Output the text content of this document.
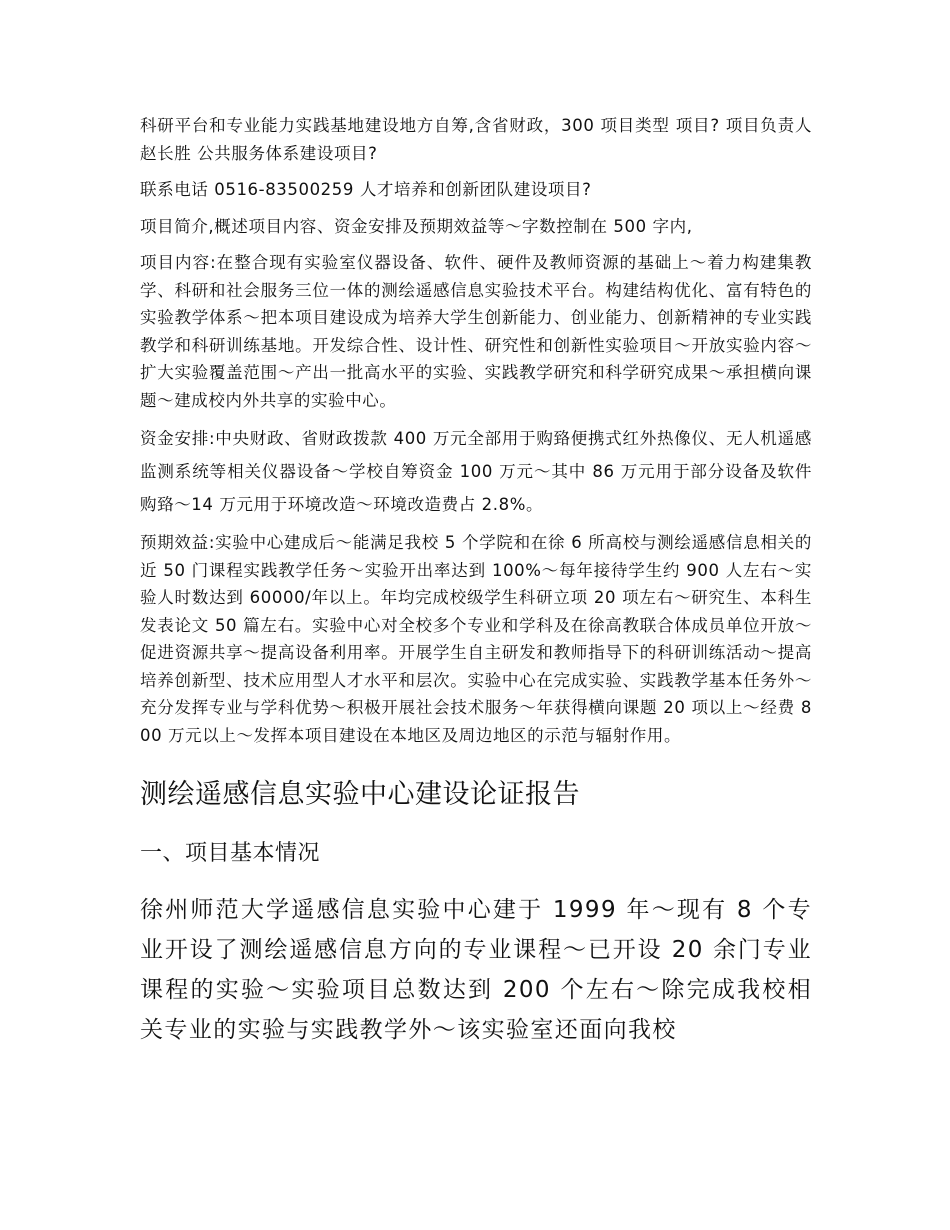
科研平台和专业能力实践基地建设地方自筹,含省财政，300 项目类型 项目? 项目负责人 赵长胜 公共服务体系建设项目?

联系电话 0516-83500259 人才培养和创新团队建设项目?

项目简介,概述项目内容、资金安排及预期效益等～字数控制在 500 字内,

项目内容:在整合现有实验室仪器设备、软件、硬件及教师资源的基础上～着力构建集教学、科研和社会服务三位一体的测绘遥感信息实验技术平台。构建结构优化、富有特色的实验教学体系～把本项目建设成为培养大学生创新能力、创业能力、创新精神的专业实践教学和科研训练基地。开发综合性、设计性、研究性和创新性实验项目～开放实验内容～扩大实验覆盖范围～产出一批高水平的实验、实践教学研究和科学研究成果～承担横向课题～建成校内外共享的实验中心。

资金安排:中央财政、省财政拨款 400 万元全部用于购臵便携式红外热像仪、无人机遥感监测系统等相关仪器设备～学校自筹资金 100 万元～其中 86 万元用于部分设备及软件购臵～14 万元用于环境改造～环境改造费占 2.8%。

预期效益:实验中心建成后～能满足我校 5 个学院和在徐 6 所高校与测绘遥感信息相关的近 50 门课程实践教学任务～实验开出率达到 100%～每年接待学生约 900 人左右～实验人时数达到 60000/年以上。年均完成校级学生科研立项 20 项左右～研究生、本科生发表论文 50 篇左右。实验中心对全校多个专业和学科及在徐高教联合体成员单位开放～促进资源共享～提高设备利用率。开展学生自主研发和教师指导下的科研训练活动～提高培养创新型、技术应用型人才水平和层次。实验中心在完成实验、实践教学基本任务外～充分发挥专业与学科优势～积极开展社会技术服务～年获得横向课题 20 项以上～经费 800 万元以上～发挥本项目建设在本地区及周边地区的示范与辐射作用。

测绘遥感信息实验中心建设论证报告
一、项目基本情况

徐州师范大学遥感信息实验中心建于 1999 年～现有 8 个专业开设了测绘遥感信息方向的专业课程～已开设 20 余门专业课程的实验～实验项目总数达到 200 个左右～除完成我校相关专业的实验与实践教学外～该实验室还面向我校
